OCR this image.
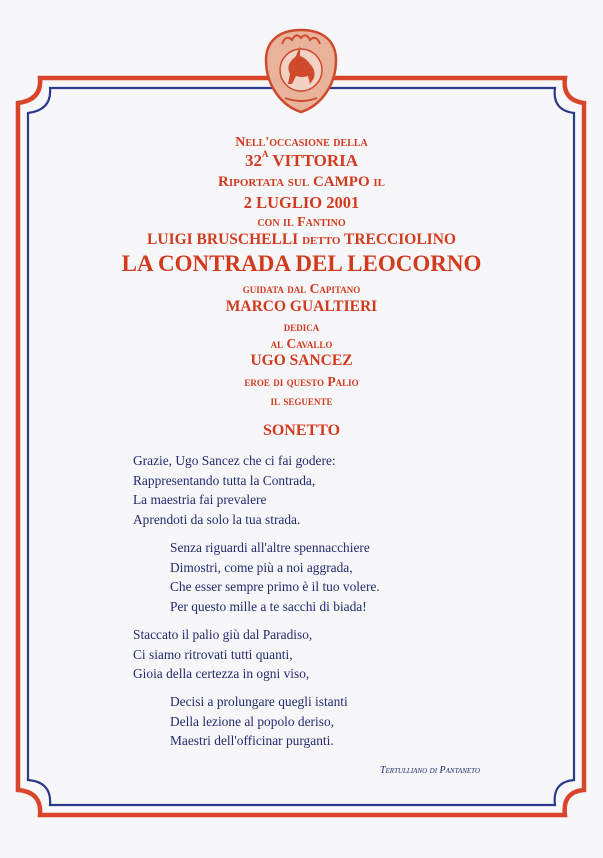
Nell'occasione della
$32^A$ VITTORIA
Riportata sul CAMPO il
2 LUGLIO 2001
con il Fantino
LUIGI BRUSCHELLI detto TRECCIOLINO
LA CONTRADA DEL LEOCORNO
guidata dal Capitano
MARCO GUALTIERI
dedica
al Cavallo
UGO SANCEZ
eroe di questo Palio
il seguente
SONETTO
Grazie, Ugo Sancez che ci fai godere:
Rappresentando tutta la Contrada,
La maestria fai prevalere
Aprendoti da solo la tua strada.
Senza riguardi all'altre spennacchiere
Dimostri, come più a noi aggrada,
Che esser sempre primo è il tuo volere.
Per questo mille a te sacchi di biada!
Staccato il palio giù dal Paradiso,
Ci siamo ritrovati tutti quanti,
Gioia della certezza in ogni viso,
Decisi a prolungare quegli istanti
Della lezione al popolo deriso,
Maestri dell'officinar purganti.
Tertulliano di Pantaneto
